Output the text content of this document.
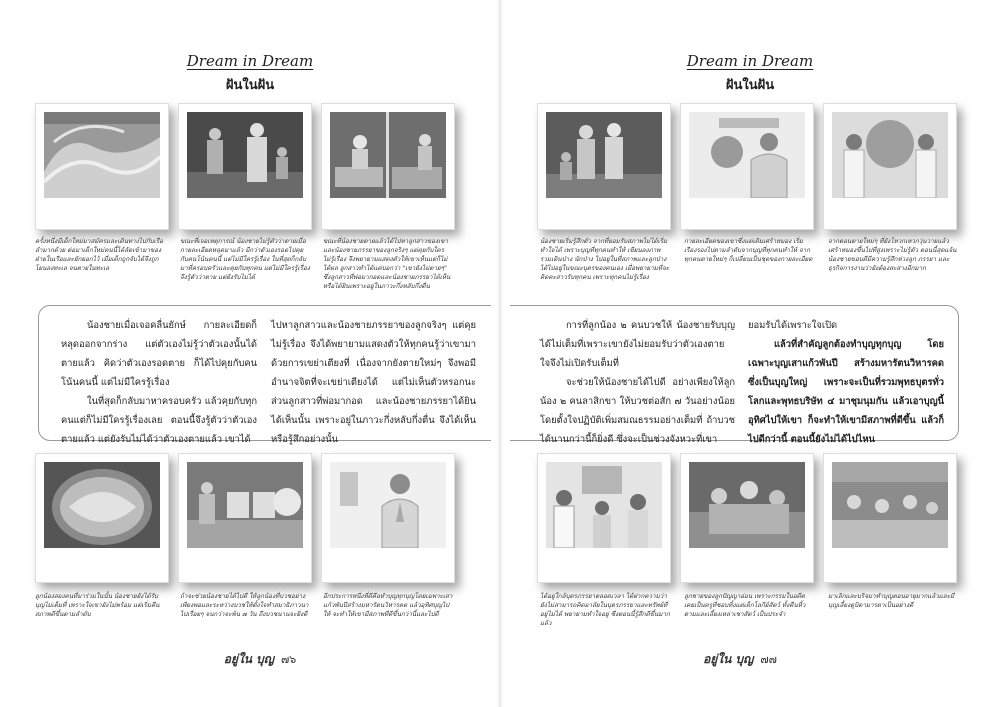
Dream in Dream
ฝันในฝัน
ครั้งหนึ่งมีเด็กใหม่มาสมัครและเดินทางไปกับเรือลำมากด้วย ต่อมาเด็กใหม่คนนี้ได้ลัดเข้ามาของฝ่ายในเรือและยักยอกไว้ เมื่อเด็กถูกจับได้จึงถูกโยนลงทะเล จนตายในทะเล
ขณะที่เจอเหตุการณ์ น้องชายไม่รู้ตัวว่าตายเมื่อกายละเอียดหลุดมาแล้ว มีกว่าตัวเองรอดไปคุยกับคนโน้นคนนี้ แต่ไม่มีใครรู้เรื่อง ในที่สุดก็กลับมาที่ครอบครัวและคุยกับทุกคน แต่ไม่มีใครรู้เรื่อง จึงรู้ตัวว่าตาย แต่ยังรับไม่ได้
ขณะที่น้องชายตายแล้วได้ไปหาลูกสาวของเขาและน้องชายภรรยาของลูกจริงๆ แต่คุยกับใครไม่รู้เรื่อง จึงพยายามแสดงตัวให้เขาเห็นแต่ก็ไม่ได้ผล ลูกสาวทำได้แค่บอกว่า "เขายังไม่ตายๆ" ซึ่งลูกสาวที่พ่อมากอดและน้องชายภรรยาได้เห็นหรือได้ยินเพราะอยู่ในภาวะกึ่งหลับกึ่งตื่น

น้องชายเมื่อเจอคลื่นยักษ์ กายละเอียดก็หลุดออกจากร่าง แต่ตัวเองไม่รู้ว่าตัวเองนั้นได้ตายแล้ว คิดว่าตัวเองรอดตาย ก็ได้ไปคุยกับคนโน้นคนนี้ แต่ไม่มีใครรู้เรื่อง

ในที่สุดก็กลับมาหาครอบครัว แล้วคุยกับทุกคนแต่ก็ไม่มีใครรู้เรื่องเลย ตอนนี้จึงรู้ตัวว่าตัวเองตายแล้ว แต่ยังรับไม่ได้ว่าตัวเองตายแล้ว เขาได้

ไปหาลูกสาวและน้องชายภรรยาของลูกจริงๆ แต่คุยไม่รู้เรื่อง จึงได้พยายามแสดงตัวให้ทุกคนรู้ว่าเขามา ด้วยการเขย่าเตียงที่ เนื่องจากยังตายใหม่ๆ จึงพอมีอำนาจจิตที่จะเขย่าเตียงได้ แต่ไม่เห็นตัวหรอกนะ ส่วนลูกสาวที่พ่อมากอด และน้องชายภรรยาได้ยินได้เห็นนั้น เพราะอยู่ในภาวะกึ่งหลับกึ่งตื่น จึงได้เห็นหรือรู้สึกอย่างนั้น

ลูกน้องสองคนที่มาร่วมในนั้น น้องชายยังได้รับบุญไม่เต็มที่ เพราะใจเขายังไม่พร้อม แต่เริ่มคืนสภาพดีขึ้นตามลำดับ
ถ้าจะช่วยน้องชายได้ไปดี ให้ลูกน้องที่บวชอย่างเพียงพอและระหว่างบวชให้ตั้งใจทำสมาธิภาวนาไปเรื่อยๆ จนกว่าจะพ้น ๗ วัน ถึงบวชนานจะยิ่งดี
อีกประการหนึ่งที่ดีคือทำบุญทุกบุญโดยเฉพาะเสาแก้วพันปีสร้างมหารัตนวิหารคด แล้วอุทิศบุญไปให้ จะทำให้เขามีสภาพที่ดีขึ้นกว่านี้และไปดี
อยู่ใน บุญ ๗๖
Dream in Dream
ฝันในฝัน
น้องชายเริ่มรู้สึกตัว จากที่ยอมรับสภาพไม่ได้เริ่มทำใจได้ เพราะบุญที่ทุกคนทำให้ เขียนลงภาพรวมเดินป่าง นักป่าง ไปอยู่ในที่สภาพและลูกป่างได้ไปอยู่ในขณะบุตรของคนเอง เมื่อพยายามที่จะคิดคะสาวรับทุกคน เพราะทุกคนไม่รู้เรื่อง
กายละเอียดของเขาซึ่งแต่เดิมเศร้าหมอง เริ่มเรืองรองไปตามลำดับจากบุญที่ทุกคนทำให้ จากทุกคนตายใหม่ๆ ก็เปลี่ยนเป็นชุดของกายละเอียด
จากตอนตายใหม่ๆ ที่ยังโหวกเหวกวุ่นวายแล้วเศร้าหมองขึ้นไปที่สูงเพราะไม่รู้ตัว ตอนนี้สุดแจ้น น้องชายขอบดีมีความรู้สึกห่วงลูก ภรรยา และธุรกิจการงานว่ายังต้องสะสางอีกมาก

การที่ลูกน้อง ๒ คนบวชให้ น้องชายรับบุญได้ไม่เต็มที่เพราะเขายังไม่ยอมรับว่าตัวเองตาย ใจจึงไม่เปิดรับเต็มที่

จะช่วยให้น้องชายได้ไปดี อย่างเพียงให้ลูกน้อง ๒ คนลาสิกขา ให้บวชต่อสัก ๗ วันอย่างน้อย โดยตั้งใจปฏิบัติเพิ่มสมณธรรมอย่างเต็มที่ ถ้าบวชได้นานกว่านี้ก็ยิ่งดี ซึ่งจะเป็นช่วงจังหวะที่เขา

ยอมรับได้เพราะใจเปิด

แล้วที่สำคัญลูกต้องทำบุญทุกบุญ โดยเฉพาะบุญเสาแก้วพันปี สร้างมหารัตนวิหารคด ซึ่งเป็นบุญใหญ่ เพราะจะเป็นที่รวมพุทธบุตรทั่วโลกและพุทธบริษัท ๔ มาชุมนุมกัน แล้วเอาบุญนี้อุทิศไปให้เขา ก็จะทำให้เขามีสภาพที่ดีขึ้น แล้วก็ไปดีกว่านี้ ตอนนี้ยังไม่ได้ไปไหน

ได้อยู่ใกล้บุตรภรรยาตลอดเวลา ได้ฝากความว่ายังไม่สามารถคิดอาลัยในบุตรภรรยาและทรัพย์ที่อยู่ไม่ได้ พยายามทำใจอยู่ ซึ่งตอนนี้รู้สึกดีขึ้นมากแล้ว
ลูกชายของลูกปัญญาอ่อน เพราะกรรมในอดีตเคยเป็นครูที่ชอบทิ้งแต่เด็กโลกีย์สัตว์ ทั้งคืนหิ้วตามและเลี้ยงเหล่าเชาสัตว์ เป็นประจำ
มาเลิกและบริจมาทำบุญตอนอายุมากแล้วและมีบุญเลี้ยงดูบิดามารดาเป็นอย่างดี
อยู่ใน บุญ ๗๗
